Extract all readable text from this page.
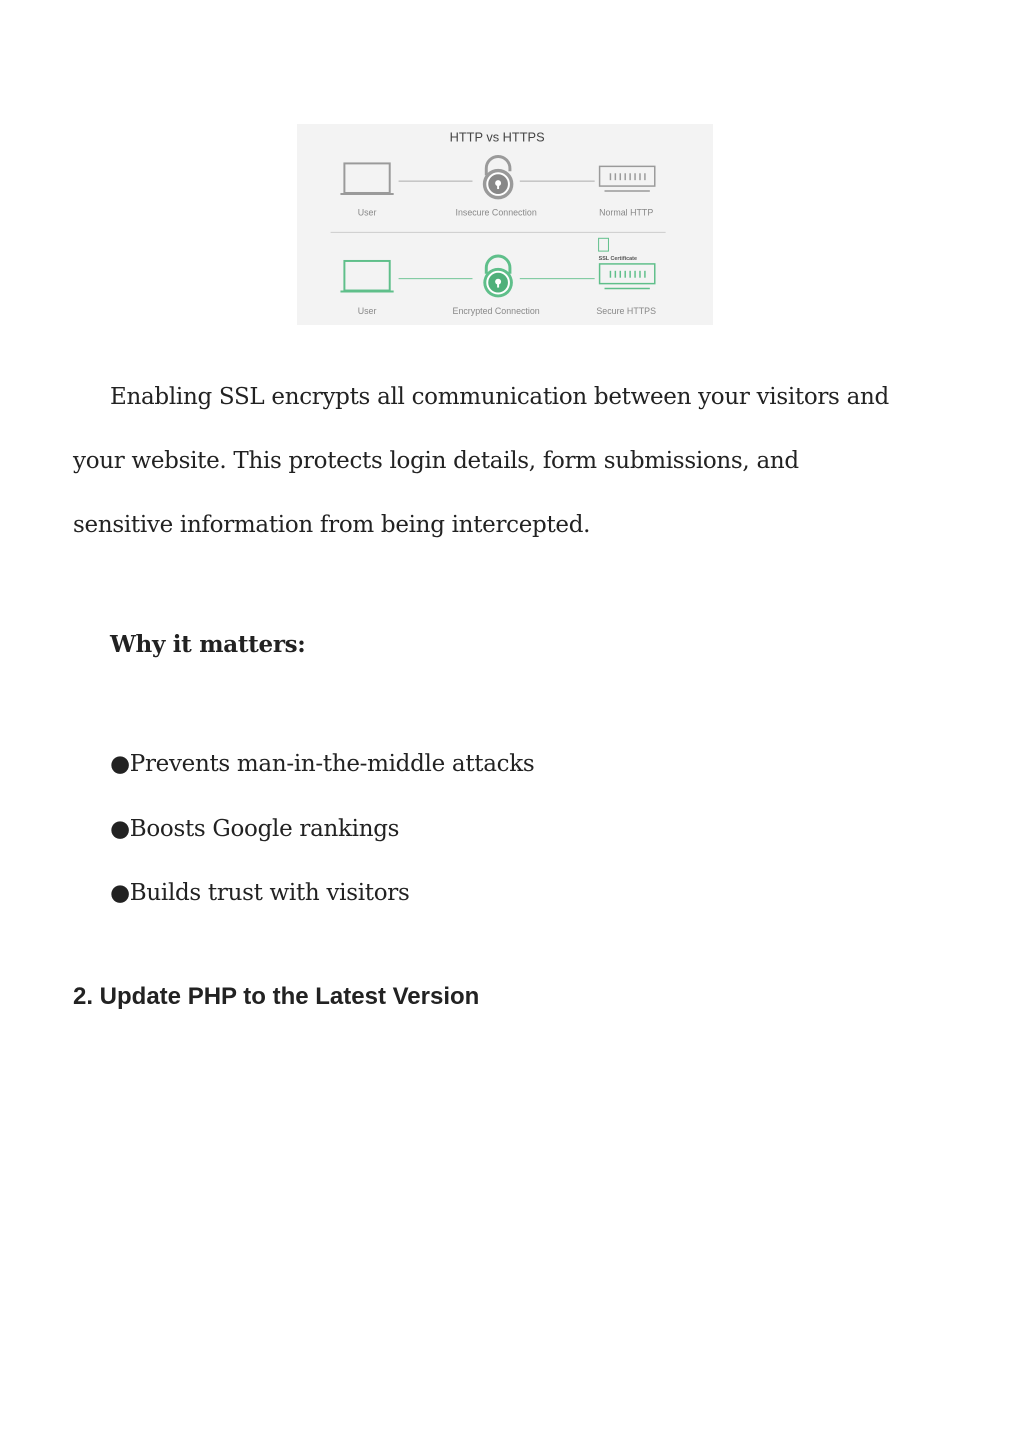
HTTP vs HTTPS
User	Insecure Connection	Normal HTTP
SSL Certificate
User	Encrypted Connection	Secure HTTPS
Enabling SSL encrypts all communication between your visitors and
your website. This protects login details, form submissions, and
sensitive information from being intercepted.
Why it matters:
●Prevents man-in-the-middle attacks
●Boosts Google rankings
●Builds trust with visitors
2. Update PHP to the Latest Version
